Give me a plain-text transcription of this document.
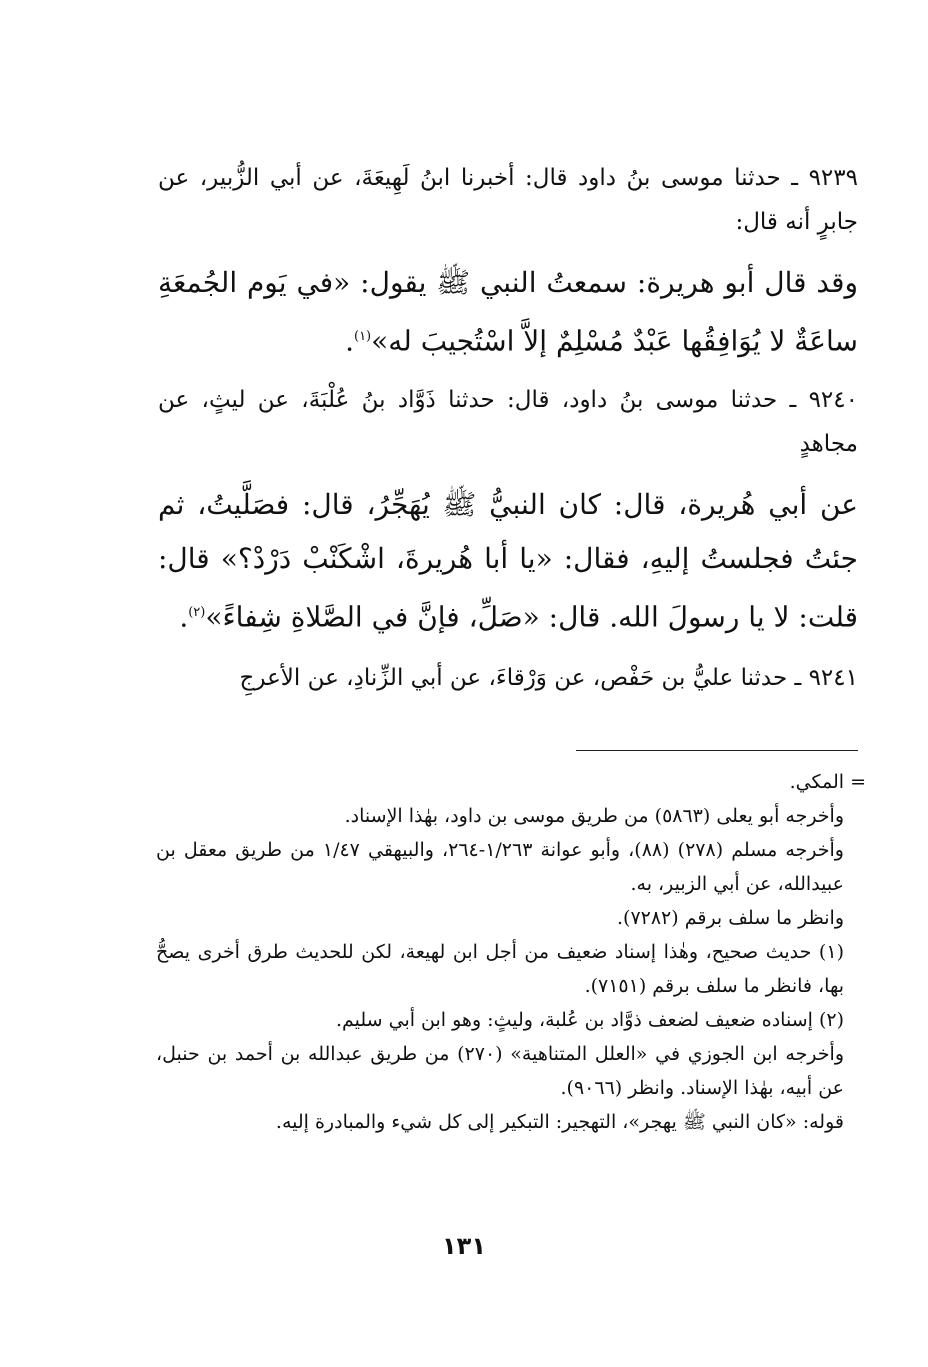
٩٢٣٩ ـ حدثنا موسى بنُ داود قال: أخبرنا ابنُ لَهِيعَةَ، عن أبي الزُّبير، عن جابرٍ أنه قال:
وقد قال أبو هريرة: سمعتُ النبي ﷺ يقول: «في يَوم الجُمعَةِ ساعَةٌ لا يُوَافِقُها عَبْدٌ مُسْلِمٌ إلاَّ اسْتُجيبَ له»$^{(١)}$.
٩٢٤٠ ـ حدثنا موسى بنُ داود، قال: حدثنا ذَوَّاد بنُ عُلْبَةَ، عن ليثٍ، عن مجاهدٍ
عن أبي هُريرة، قال: كان النبيُّ ﷺ يُهَجِّرُ، قال: فصَلَّيتُ، ثم جئتُ فجلستُ إليهِ، فقال: «يا أبا هُريرةَ، اشْكَنْبْ دَرْدْ؟» قال: قلت: لا يا رسولَ الله. قال: «صَلِّ، فإنَّ في الصَّلاةِ شِفاءً»$^{(٢)}$.
٩٢٤١ ـ حدثنا عليُّ بن حَفْص، عن وَرْقاءَ، عن أبي الزِّنادِ، عن الأعرجِ
= المكي.
وأخرجه أبو يعلى (٥٨٦٣) من طريق موسى بن داود، بهٰذا الإسناد.
وأخرجه مسلم (٢٧٨) (٨٨)، وأبو عوانة ١/٢٦٣-٢٦٤، والبيهقي ١/٤٧ من طريق معقل بن عبيدالله، عن أبي الزبير، به.
وانظر ما سلف برقم (٧٢٨٢).
(١) حديث صحيح، وهٰذا إسناد ضعيف من أجل ابن لهيعة، لكن للحديث طرق أخرى يصحُّ بها، فانظر ما سلف برقم (٧١٥١).
(٢) إسناده ضعيف لضعف ذوَّاد بن عُلبة، وليثٍ: وهو ابن أبي سليم.
وأخرجه ابن الجوزي في «العلل المتناهية» (٢٧٠) من طريق عبدالله بن أحمد بن حنبل، عن أبيه، بهٰذا الإسناد. وانظر (٩٠٦٦).
قوله: «كان النبي ﷺ يهجر»، التهجير: التبكير إلى كل شيء والمبادرة إليه.
١٣١
